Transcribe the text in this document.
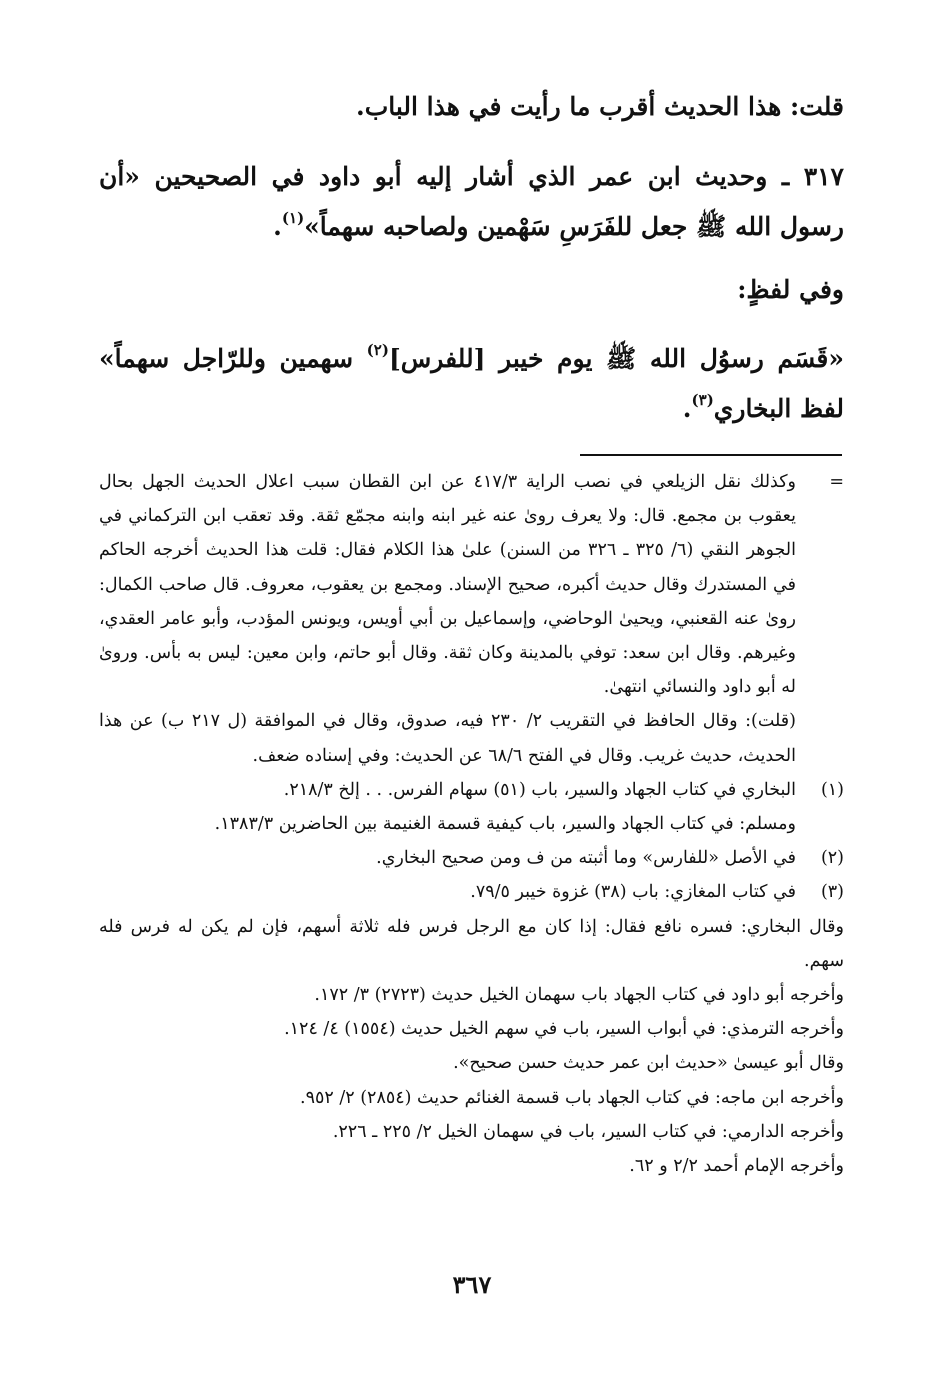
قلت: هذا الحديث أقرب ما رأيت في هذا الباب.

٣١٧ ـ وحديث ابن عمر الذي أشار إليه أبو داود في الصحيحين «أن رسول الله ﷺ جعل للفَرَسِ سَهْمين ولصاحبه سهماً»$^{(١)}$.

وفي لفظٍ:

«قَسَم رسوُل الله ﷺ يوم خيبر [للفرس]$^{(٢)}$ سهمين وللرّاجل سهماً» لفظ البخاري$^{(٣)}$.

=

وكذلك نقل الزيلعي في نصب الراية ٤١٧/٣ عن ابن القطان سبب اعلال الحديث الجهل بحال يعقوب بن مجمع. قال: ولا يعرف روىٰ عنه غير ابنه وابنه مجمّع ثقة. وقد تعقب ابن التركماني في الجوهر النقي (٦/ ٣٢٥ ـ ٣٢٦ من السنن) علىٰ هذا الكلام فقال: قلت هذا الحديث أخرجه الحاكم في المستدرك وقال حديث أكبره، صحيح الإسناد. ومجمع بن يعقوب، معروف. قال صاحب الكمال: روىٰ عنه القعنبي، ويحيىٰ الوحاضي، وإسماعيل بن أبي أويس، ويونس المؤدب، وأبو عامر العقدي، وغيرهم. وقال ابن سعد: توفي بالمدينة وكان ثقة. وقال أبو حاتم، وابن معين: ليس به بأس. وروىٰ له أبو داود والنسائي انتهىٰ.

(قلت): وقال الحافظ في التقريب ٢/ ٢٣٠ فيه، صدوق، وقال في الموافقة (ل ٢١٧ ب) عن هذا الحديث، حديث غريب. وقال في الفتح ٦٨/٦ عن الحديث: وفي إسناده ضعف.

(١)

البخاري في كتاب الجهاد والسير، باب (٥١) سهام الفرس. . . إلخ ٢١٨/٣.

ومسلم: في كتاب الجهاد والسير، باب كيفية قسمة الغنيمة بين الحاضرين ١٣٨٣/٣.

(٢)

في الأصل «للفارس» وما أثبته من ف ومن صحيح البخاري.

(٣)

في كتاب المغازي: باب (٣٨) غزوة خيبر ٧٩/٥.

وقال البخاري: فسره نافع فقال: إذا كان مع الرجل فرس فله ثلاثة أسهم، فإن لم يكن له فرس فله سهم.

وأخرجه أبو داود في كتاب الجهاد باب سهمان الخيل حديث (٢٧٢٣) ٣/ ١٧٢.

وأخرجه الترمذي: في أبواب السير، باب في سهم الخيل حديث (١٥٥٤) ٤/ ١٢٤.

وقال أبو عيسىٰ «حديث ابن عمر حديث حسن صحيح».

وأخرجه ابن ماجه: في كتاب الجهاد باب قسمة الغنائم حديث (٢٨٥٤) ٢/ ٩٥٢.

وأخرجه الدارمي: في كتاب السير، باب في سهمان الخيل ٢/ ٢٢٥ ـ ٢٢٦.

وأخرجه الإمام أحمد ٢/٢ و ٦٢.

٣٦٧
